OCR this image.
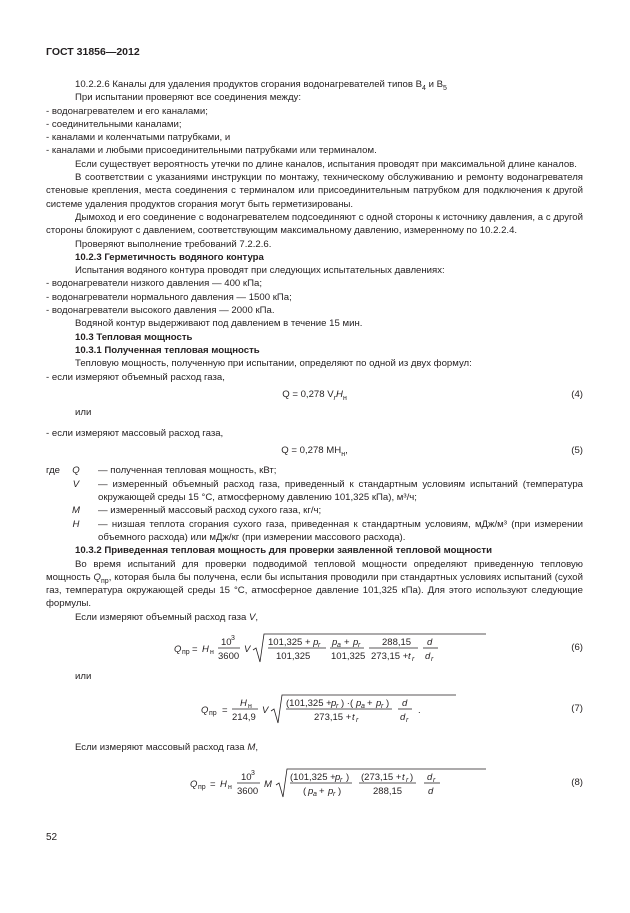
ГОСТ 31856—2012

10.2.2.6 Каналы для удаления продуктов сгорания водонагревателей типов $В_4$ и $В_5$

При испытании проверяют все соединения между:

- водонагревателем и его каналами;

- соединительными каналами;

- каналами и коленчатыми патрубками, и

- каналами и любыми присоединительными патрубками или терминалом.

Если существует вероятность утечки по длине каналов, испытания проводят при максимальной длине каналов.

В соответствии с указаниями инструкции по монтажу, техническому обслуживанию и ремонту водонагревателя стеновые крепления, места соединения с терминалом или присоединительным патрубком для подключения к другой системе удаления продуктов сгорания могут быть герметизированы.

Дымоход и его соединение с водонагревателем подсоединяют с одной стороны к источнику давления, а с другой стороны блокируют с давлением, соответствующим максимальному давлению, измеренному по 10.2.2.4.

Проверяют выполнение требований 7.2.2.6.

10.2.3 Герметичность водяного контура

Испытания водяного контура проводят при следующих испытательных давлениях:

- водонагреватели низкого давления — 400 кПа;

- водонагреватели нормального давления — 1500 кПа;

- водонагреватели высокого давления — 2000 кПа.

Водяной контур выдерживают под давлением в течение 15 мин.

10.3 Тепловая мощность

10.3.1 Полученная тепловая мощность

Тепловую мощность, полученную при испытании, определяют по одной из двух формул:

- если измеряют объемный расход газа,

Q = 0,278 $V_rH_н$	(4)

или

- если измеряют массовый расход газа,

Q = 0,278 $MH_н$,	(5)
где	Q	— полученная тепловая мощность, кВт;
V	— измеренный объемный расход газа, приведенный к стандартным условиям испытаний (температура окружающей среды 15 °С, атмосферному давлению 101,325 кПа), м³/ч;
M	— измеренный массовый расход сухого газа, кг/ч;
H	— низшая теплота сгорания сухого газа, приведенная к стандартным условиям, мДж/м³ (при измерении объемного расхода) или мДж/кг (при измерении массового расхода).

10.3.2 Приведенная тепловая мощность для проверки заявленной тепловой мощности

Во время испытаний для проверки подводимой тепловой мощности определяют приведенную тепловую мощность $Q_{пр}$, которая была бы получена, если бы испытания проводили при стандартных условиях испытаний (сухой газ, температура окружающей среды 15 °С, атмосферное давление 101,325 кПа). Для этого используют следующие формулы.

Если измеряют объемный расход газа V,

Q пр = H н
10 3
3600
V
101,325 + p r
101,325
p a + p r
101,325
288,15
273,15 + t r
d
d r
(6)

или

Q пр =
H н
214,9
V
(101,325 + p r ) ·( p a + p r )
273,15 + t r
d
d r
.	(7)

Если измеряют массовый расход газа M,

Q пр = H н
10 3
3600
M
(101,325 + p r )
( p a + p r )
(273,15 + t r )
288,15
d r
d
(8)
52
